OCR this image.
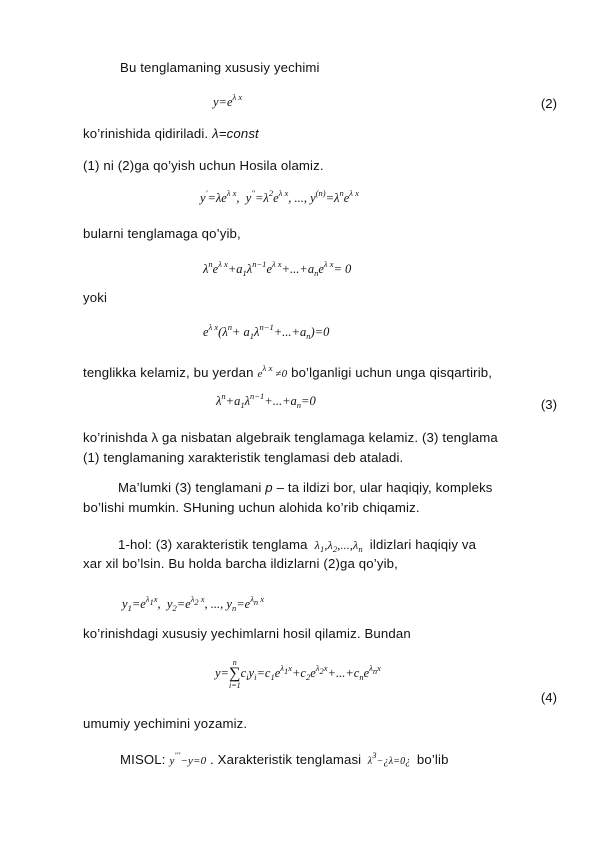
Bu tenglamaning xususiy yechimi
$y=e^{\lambda x}$	(2)
ko’rinishida qidiriladi. λ=const
(1) ni (2)ga qo’yish uchun Hosila olamiz.
$y'=\lambda e^{\lambda x}$,  $y''=\lambda^2e^{\lambda x}$, ..., $y^{(n)}=\lambda^ne^{\lambda x}$
bularni tenglamaga qo’yib,
$\lambda^ne^{\lambda x}+a_1\lambda^{n-1}e^{\lambda x}+...+a_ne^{\lambda x}= 0$
yoki
$e^{\lambda x}(\lambda^n+ a_1\lambda^{n-1}+...+a_n)=0$
tenglikka kelamiz, bu yerdan $e^{\lambda x} \ne 0$ bo’lganligi uchun unga qisqartirib,
$\lambda^n+a_1\lambda^{n-1}+...+a_n=0$	(3)
ko’rinishda λ ga nisbatan algebraik tenglamaga kelamiz. (3) tenglama
(1) tenglamaning xarakteristik tenglamasi deb ataladi.
Ma’lumki (3) tenglamani p – ta ildizi bor, ular haqiqiy, kompleks
bo’lishi mumkin. SHuning uchun alohida ko’rib chiqamiz.
1-hol: (3) xarakteristik tenglama  $\lambda_1,\lambda_2,...,\lambda_n$ ildizlari haqiqiy va
xar xil bo’lsin. Bu holda barcha ildizlarni (2)ga qo’yib,
$y_1=e^{\lambda_1x}$,  $y_2=e^{\lambda_2 x}$, ..., $y_n=e^{\lambda_n x}$
ko’rinishdagi xususiy yechimlarni hosil qilamiz. Bundan
y=
n
∑
i=1
$c_iy_i=c_1e^{\lambda_1x}+c_2e^{\lambda_2x}+...+c_ne^{\lambda_nx}$
(4)
umumiy yechimini yozamiz.
MISOL: y'''−y=0 . Xarakteristik tenglamasi  $\lambda^3-¿\lambda=0¿$  bo’lib
